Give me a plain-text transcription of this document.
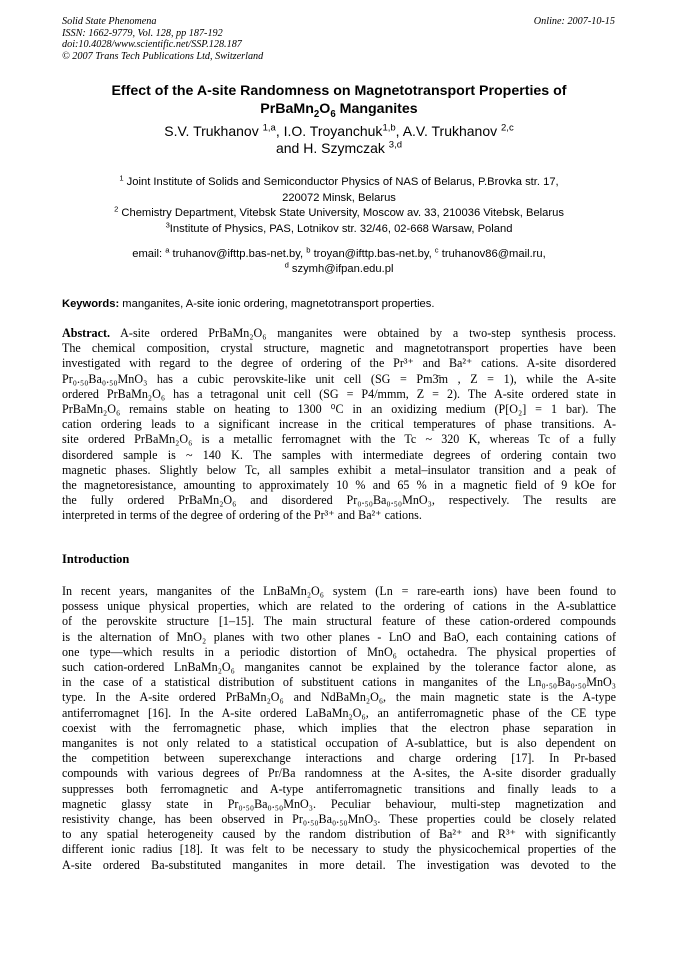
Solid State Phenomena
ISSN: 1662-9779, Vol. 128, pp 187-192
doi:10.4028/www.scientific.net/SSP.128.187
© 2007 Trans Tech Publications Ltd, Switzerland
Online: 2007-10-15
Effect of the A-site Randomness on Magnetotransport Properties of
$PrBaMn_2O_6$ Manganites
S.V. Trukhanov $^{1,a}$, I.O. Troyanchuk$^{1,b}$, A.V. Trukhanov $^{2,c}$
and H. Szymczak $^{3,d}$
$^1$ Joint Institute of Solids and Semiconductor Physics of NAS of Belarus, P.Brovka str. 17,
220072 Minsk, Belarus
$^2$ Chemistry Department, Vitebsk State University, Moscow av. 33, 210036 Vitebsk, Belarus
$^3$Institute of Physics, PAS, Lotnikov str. 32/46, 02-668 Warsaw, Poland
email: $^a$ truhanov@ifttp.bas-net.by, $^b$ troyan@ifttp.bas-net.by, $^c$ truhanov86@mail.ru,
$^d$ szymh@ifpan.edu.pl
Keywords: manganites, A-site ionic ordering, magnetotransport properties.
Abstract. A-site ordered PrBaMn₂O₆ manganites were obtained by a two-step synthesis process.
The chemical composition, crystal structure, magnetic and magnetotransport properties have been
investigated with regard to the degree of ordering of the Pr³⁺ and Ba²⁺ cations. A-site disordered
Pr₀.₅₀Ba₀.₅₀MnO₃ has a cubic perovskite-like unit cell (SG = Pm3̄m , Z = 1), while the A-site
ordered PrBaMn₂O₆ has a tetragonal unit cell (SG = P4/mmm, Z = 2). The A-site ordered state in
PrBaMn₂O₆ remains stable on heating to 1300 ⁰C in an oxidizing medium (P[O₂] = 1 bar). The
cation ordering leads to a significant increase in the critical temperatures of phase transitions. A-
site ordered PrBaMn₂O₆ is a metallic ferromagnet with the Tc ~ 320 K, whereas Tc of a fully
disordered sample is ~ 140 K. The samples with intermediate degrees of ordering contain two
magnetic phases. Slightly below Tc, all samples exhibit a metal–insulator transition and a peak of
the magnetoresistance, amounting to approximately 10 % and 65 % in a magnetic field of 9 kOe for
the fully ordered PrBaMn₂O₆ and disordered Pr₀.₅₀Ba₀.₅₀MnO₃, respectively. The results are
interpreted in terms of the degree of ordering of the Pr³⁺ and Ba²⁺ cations.
Introduction
In recent years, manganites of the LnBaMn₂O₆ system (Ln = rare-earth ions) have been found to
possess unique physical properties, which are related to the ordering of cations in the A-sublattice
of the perovskite structure [1–15]. The main structural feature of these cation-ordered compounds
is the alternation of MnO₂ planes with two other planes - LnO and BaO, each containing cations of
one type—which results in a periodic distortion of MnO₆ octahedra. The physical properties of
such cation-ordered LnBaMn₂O₆ manganites cannot be explained by the tolerance factor alone, as
in the case of a statistical distribution of substituent cations in manganites of the Ln₀.₅₀Ba₀.₅₀MnO₃
type. In the A-site ordered PrBaMn₂O₆ and NdBaMn₂O₆, the main magnetic state is the A-type
antiferromagnet [16]. In the A-site ordered LaBaMn₂O₆, an antiferromagnetic phase of the CE type
coexist with the ferromagnetic phase, which implies that the electron phase separation in
manganites is not only related to a statistical occupation of A-sublattice, but is also dependent on
the competition between superexchange interactions and charge ordering [17]. In Pr-based
compounds with various degrees of Pr/Ba randomness at the A-sites, the A-site disorder gradually
suppresses both ferromagnetic and A-type antiferromagnetic transitions and finally leads to a
magnetic glassy state in Pr₀.₅₀Ba₀.₅₀MnO₃. Peculiar behaviour, multi-step magnetization and
resistivity change, has been observed in Pr₀.₅₀Ba₀.₅₀MnO₃. These properties could be closely related
to any spatial heterogeneity caused by the random distribution of Ba²⁺ and R³⁺ with significantly
different ionic radius [18]. It was felt to be necessary to study the physicochemical properties of the
A-site ordered Ba-substituted manganites in more detail. The investigation was devoted to the
